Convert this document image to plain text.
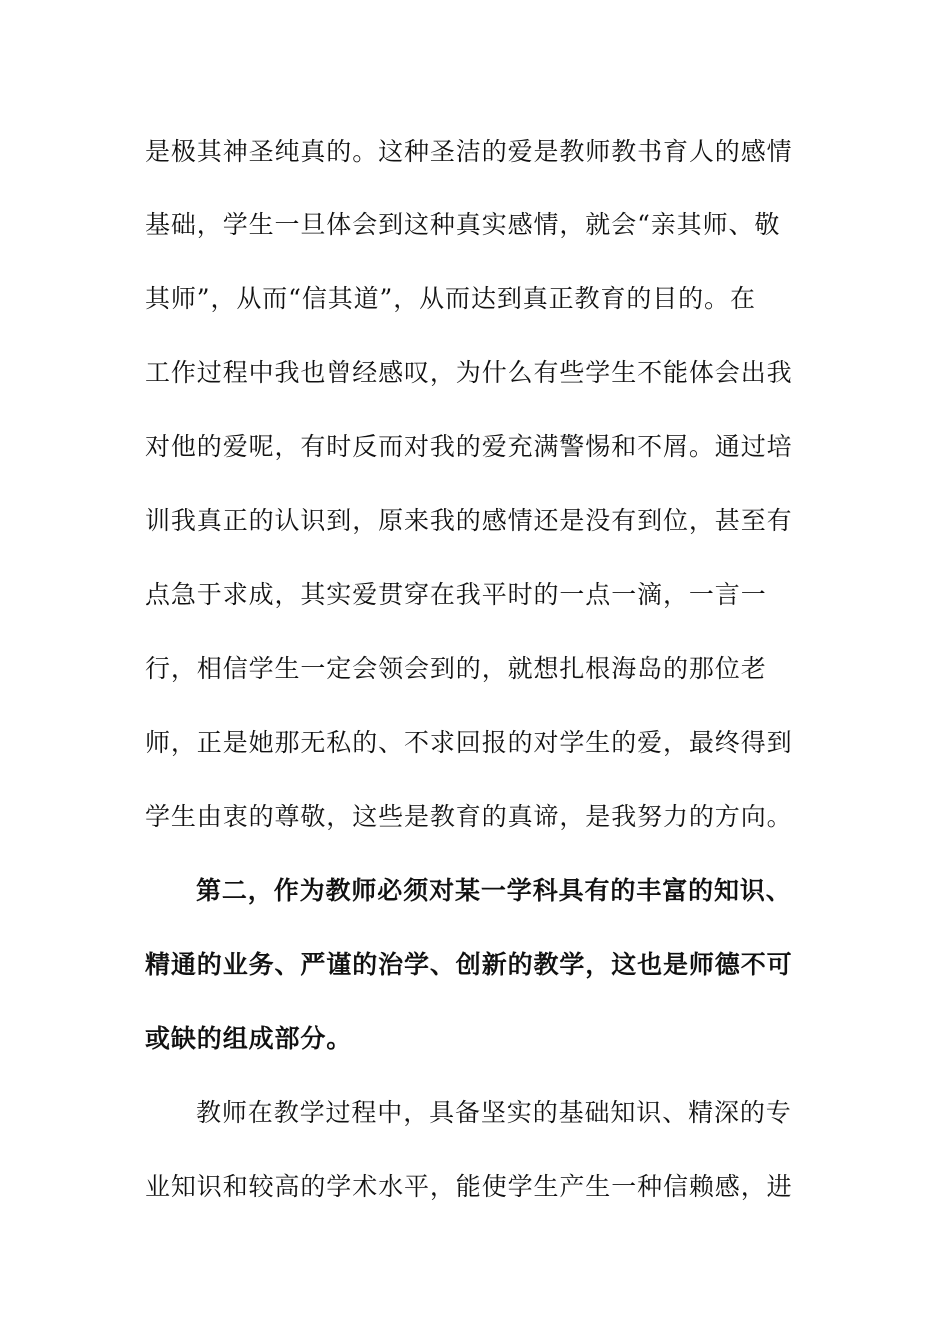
是极其神圣纯真的。这种圣洁的爱是教师教书育人的感情
基础，学生一旦体会到这种真实感情，就会“亲其师、敬
其师”，从而“信其道”，从而达到真正教育的目的。在
工作过程中我也曾经感叹，为什么有些学生不能体会出我
对他的爱呢，有时反而对我的爱充满警惕和不屑。通过培
训我真正的认识到，原来我的感情还是没有到位，甚至有
点急于求成，其实爱贯穿在我平时的一点一滴，一言一
行，相信学生一定会领会到的，就想扎根海岛的那位老
师，正是她那无私的、不求回报的对学生的爱，最终得到
学生由衷的尊敬，这些是教育的真谛，是我努力的方向。
第二，作为教师必须对某一学科具有的丰富的知识、
精通的业务、严谨的治学、创新的教学，这也是师德不可
或缺的组成部分。
教师在教学过程中，具备坚实的基础知识、精深的专
业知识和较高的学术水平，能使学生产生一种信赖感，进
